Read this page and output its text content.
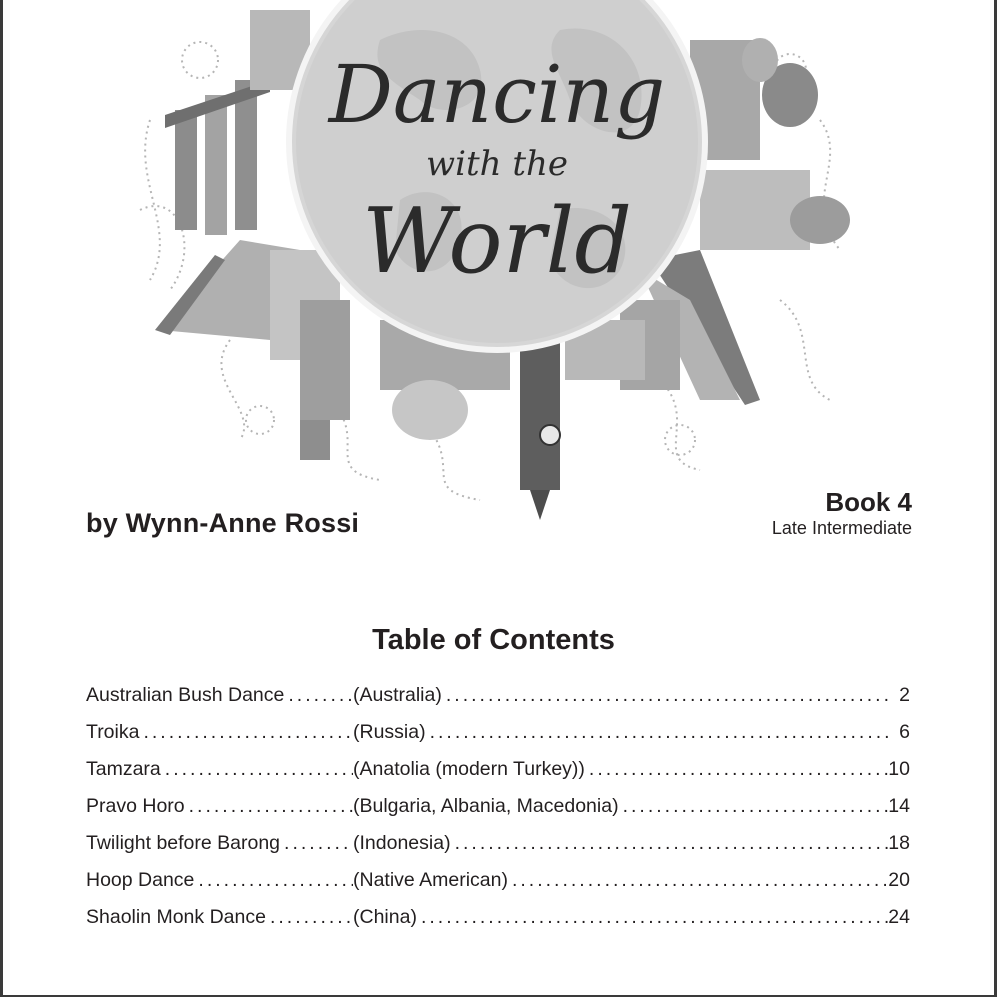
Dancing
with the
World
by Wynn-Anne Rossi
Book 4
Late Intermediate
Table of Contents
Australian Bush Dance .....	(Australia) .....	2
Troika .....	(Russia) .....	6
Tamzara .....	(Anatolia (modern Turkey)) .....	10
Pravo Horo .....	(Bulgaria, Albania, Macedonia) .....	14
Twilight before Barong .....	(Indonesia) .....	18
Hoop Dance .....	(Native American) .....	20
Shaolin Monk Dance .....	(China) .....	24
